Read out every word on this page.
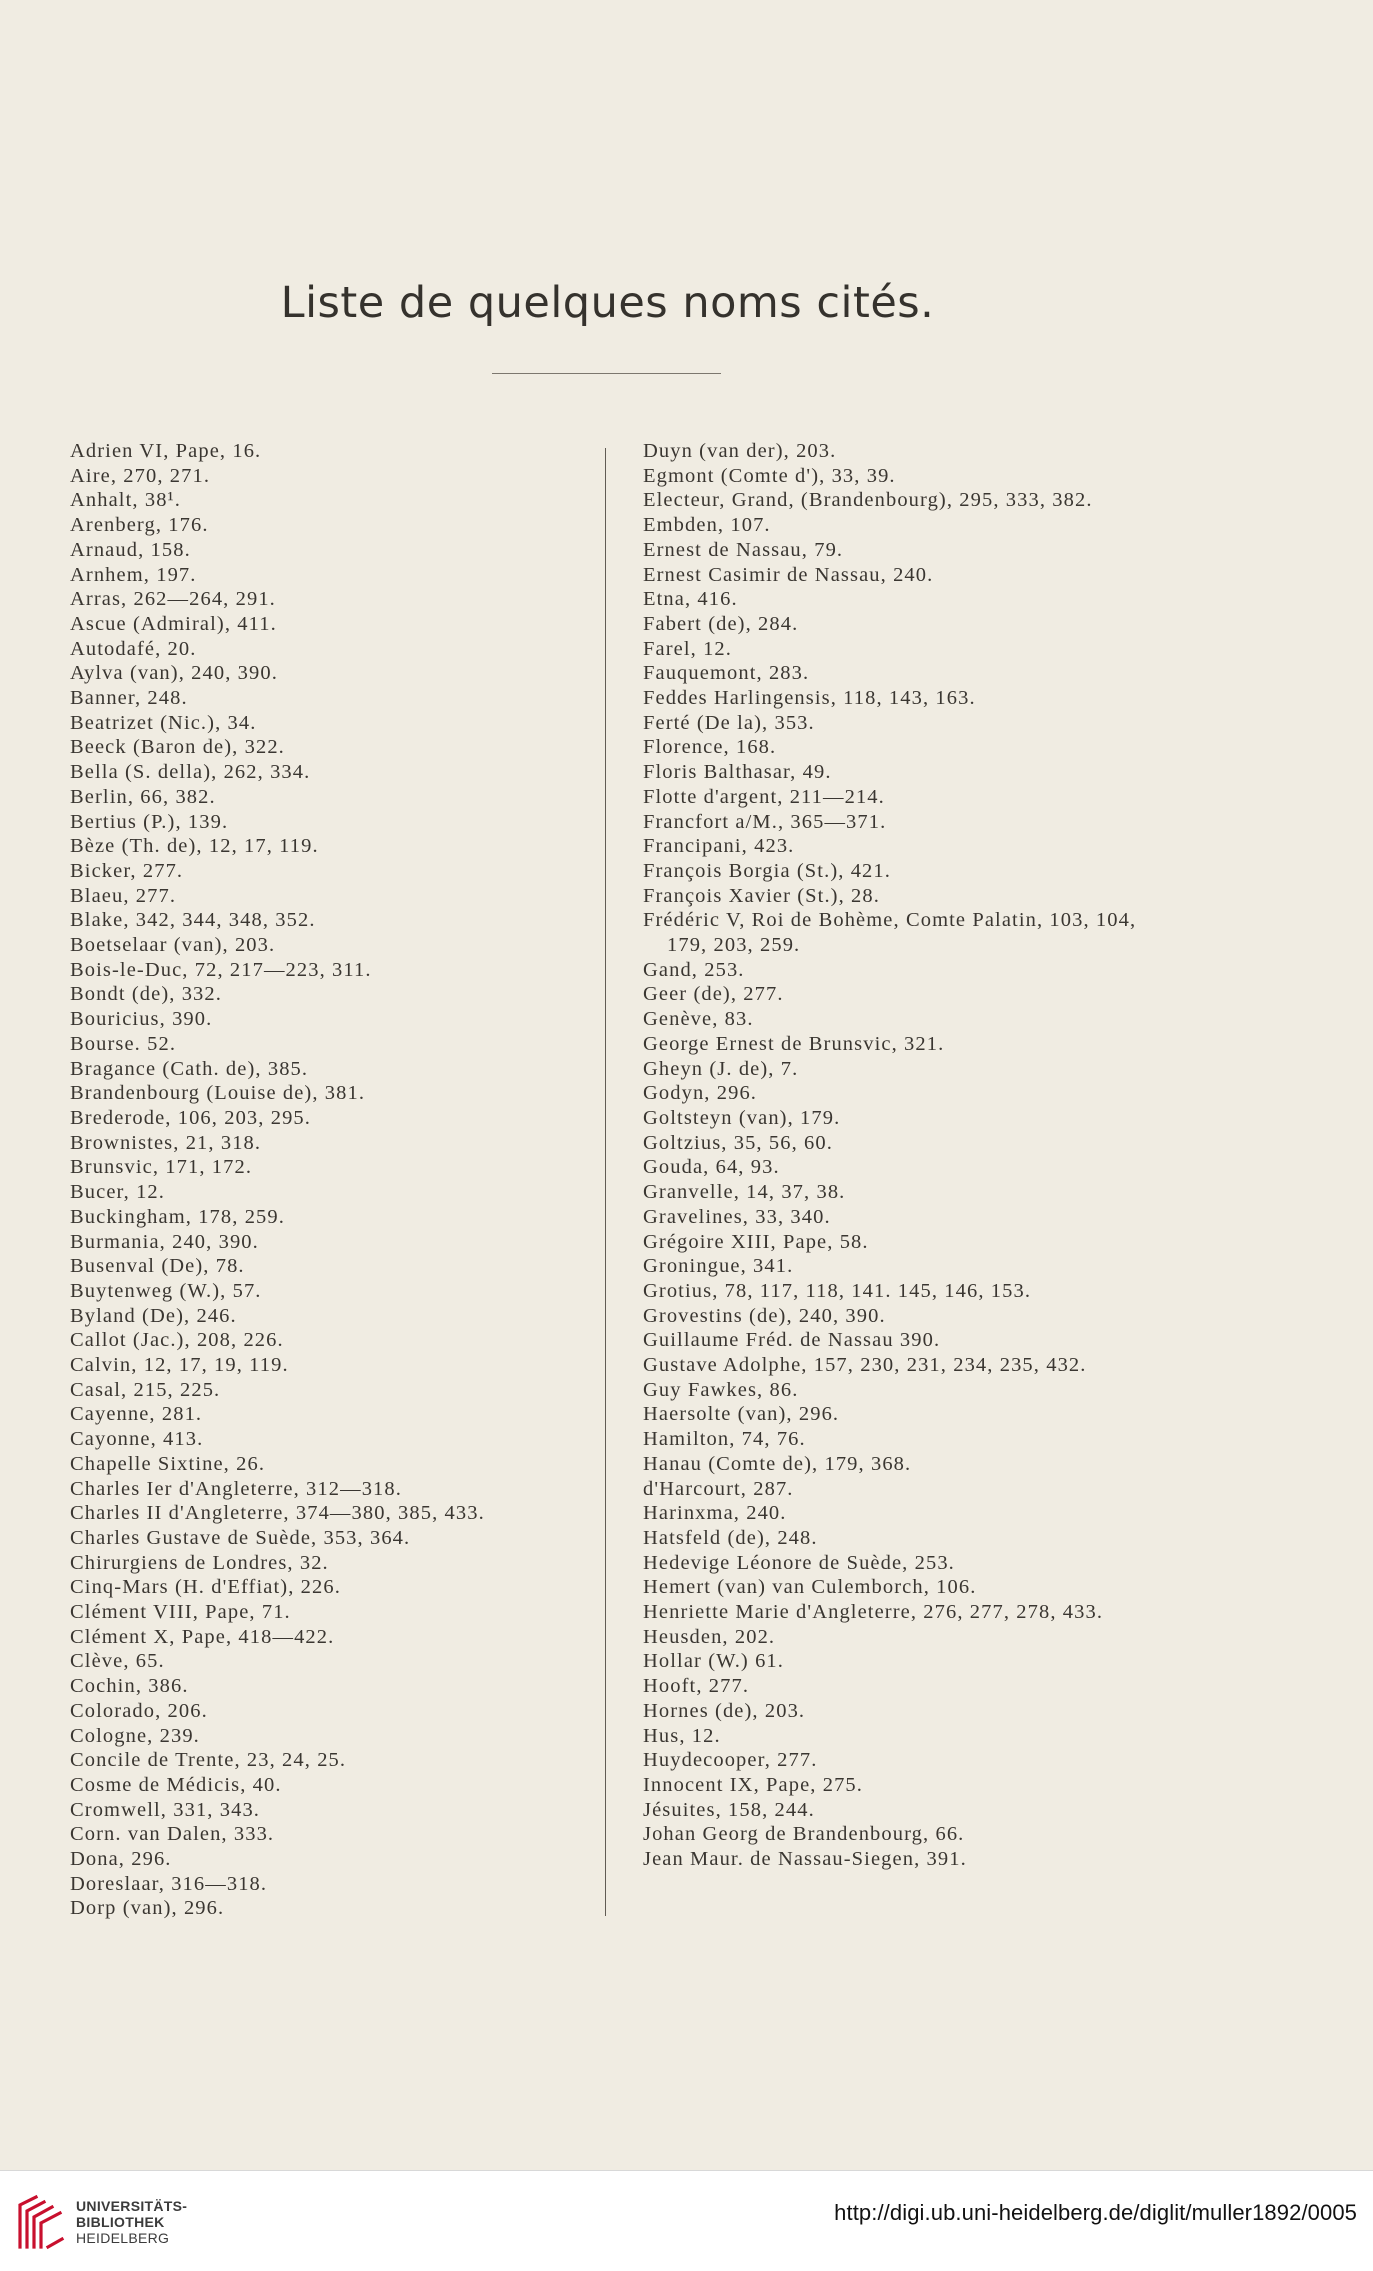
Liste de quelques noms cités.
Adrien VI, Pape, 16.
Aire, 270, 271.
Anhalt, 38¹.
Arenberg, 176.
Arnaud, 158.
Arnhem, 197.
Arras, 262—264, 291.
Ascue (Admiral), 411.
Autodafé, 20.
Aylva (van), 240, 390.
Banner, 248.
Beatrizet (Nic.), 34.
Beeck (Baron de), 322.
Bella (S. della), 262, 334.
Berlin, 66, 382.
Bertius (P.), 139.
Bèze (Th. de), 12, 17, 119.
Bicker, 277.
Blaeu, 277.
Blake, 342, 344, 348, 352.
Boetselaar (van), 203.
Bois-le-Duc, 72, 217—223, 311.
Bondt (de), 332.
Bouricius, 390.
Bourse. 52.
Bragance (Cath. de), 385.
Brandenbourg (Louise de), 381.
Brederode, 106, 203, 295.
Brownistes, 21, 318.
Brunsvic, 171, 172.
Bucer, 12.
Buckingham, 178, 259.
Burmania, 240, 390.
Busenval (De), 78.
Buytenweg (W.), 57.
Byland (De), 246.
Callot (Jac.), 208, 226.
Calvin, 12, 17, 19, 119.
Casal, 215, 225.
Cayenne, 281.
Cayonne, 413.
Chapelle Sixtine, 26.
Charles Ier d'Angleterre, 312—318.
Charles II d'Angleterre, 374—380, 385, 433.
Charles Gustave de Suède, 353, 364.
Chirurgiens de Londres, 32.
Cinq-Mars (H. d'Effiat), 226.
Clément VIII, Pape, 71.
Clément X, Pape, 418—422.
Clève, 65.
Cochin, 386.
Colorado, 206.
Cologne, 239.
Concile de Trente, 23, 24, 25.
Cosme de Médicis, 40.
Cromwell, 331, 343.
Corn. van Dalen, 333.
Dona, 296.
Doreslaar, 316—318.
Dorp (van), 296.
Duyn (van der), 203.
Egmont (Comte d'), 33, 39.
Electeur, Grand, (Brandenbourg), 295, 333, 382.
Embden, 107.
Ernest de Nassau, 79.
Ernest Casimir de Nassau, 240.
Etna, 416.
Fabert (de), 284.
Farel, 12.
Fauquemont, 283.
Feddes Harlingensis, 118, 143, 163.
Ferté (De la), 353.
Florence, 168.
Floris Balthasar, 49.
Flotte d'argent, 211—214.
Francfort a/M., 365—371.
Francipani, 423.
François Borgia (St.), 421.
François Xavier (St.), 28.
Frédéric V, Roi de Bohème, Comte Palatin, 103, 104, 179, 203, 259.
Gand, 253.
Geer (de), 277.
Genève, 83.
George Ernest de Brunsvic, 321.
Gheyn (J. de), 7.
Godyn, 296.
Goltsteyn (van), 179.
Goltzius, 35, 56, 60.
Gouda, 64, 93.
Granvelle, 14, 37, 38.
Gravelines, 33, 340.
Grégoire XIII, Pape, 58.
Groningue, 341.
Grotius, 78, 117, 118, 141. 145, 146, 153.
Grovestins (de), 240, 390.
Guillaume Fréd. de Nassau 390.
Gustave Adolphe, 157, 230, 231, 234, 235, 432.
Guy Fawkes, 86.
Haersolte (van), 296.
Hamilton, 74, 76.
Hanau (Comte de), 179, 368.
d'Harcourt, 287.
Harinxma, 240.
Hatsfeld (de), 248.
Hedevige Léonore de Suède, 253.
Hemert (van) van Culemborch, 106.
Henriette Marie d'Angleterre, 276, 277, 278, 433.
Heusden, 202.
Hollar (W.) 61.
Hooft, 277.
Hornes (de), 203.
Hus, 12.
Huydecooper, 277.
Innocent IX, Pape, 275.
Jésuites, 158, 244.
Johan Georg de Brandenbourg, 66.
Jean Maur. de Nassau-Siegen, 391.
UNIVERSITÄTS-
BIBLIOTHEK
HEIDELBERG
http://digi.ub.uni-heidelberg.de/diglit/muller1892/0005
